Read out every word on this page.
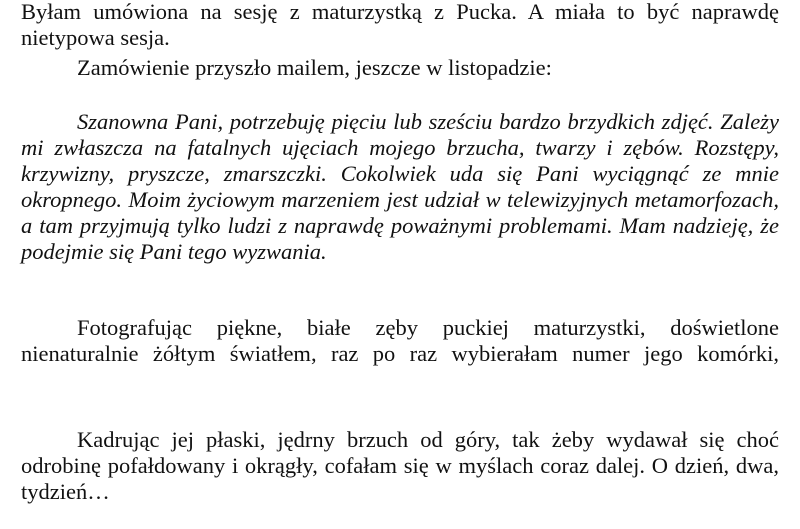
Byłam umówiona na sesję z maturzystką z Pucka. A miała to być naprawdę
nietypowa sesja.
Zamówienie przyszło mailem, jeszcze w listopadzie:
Szanowna Pani, potrzebuję pięciu lub sześciu bardzo brzydkich zdjęć. Zależy
mi zwłaszcza na fatalnych ujęciach mojego brzucha, twarzy i zębów. Rozstępy,
krzywizny, pryszcze, zmarszczki. Cokolwiek uda się Pani wyciągnąć ze mnie
okropnego. Moim życiowym marzeniem jest udział w telewizyjnych metamorfozach,
a tam przyjmują tylko ludzi z naprawdę poważnymi problemami. Mam nadzieję, że
podejmie się Pani tego wyzwania.
Fotografując piękne, białe zęby puckiej maturzystki, doświetlone
nienaturalnie żółtym światłem, raz po raz wybierałam numer jego komórki,
Kadrując jej płaski, jędrny brzuch od góry, tak żeby wydawał się choć
odrobinę pofałdowany i okrągły, cofałam się w myślach coraz dalej. O dzień, dwa,
tydzień…
